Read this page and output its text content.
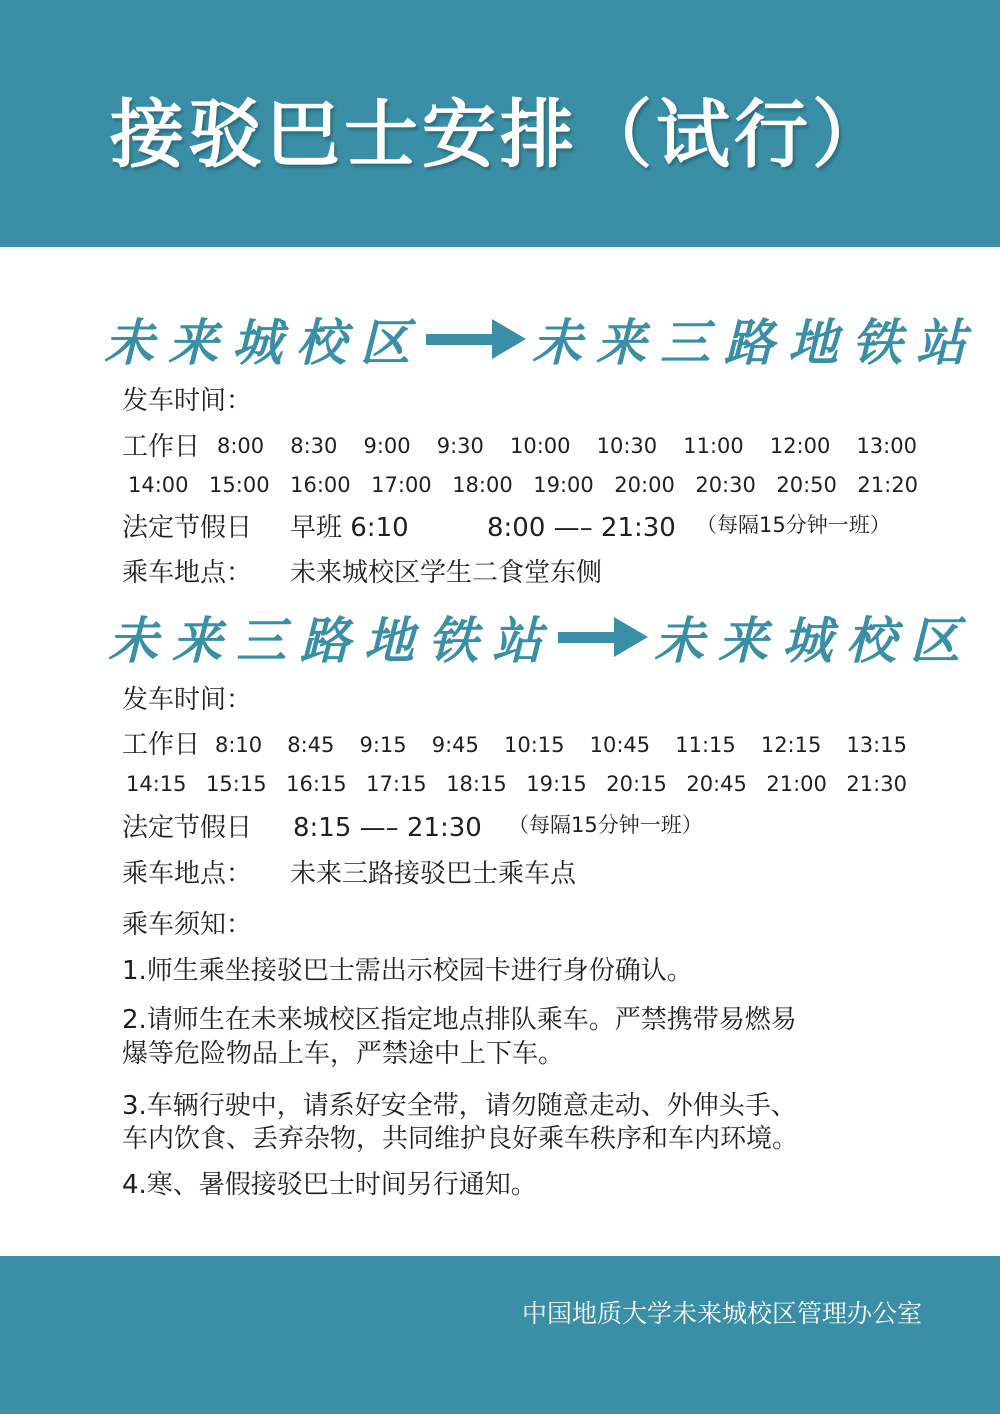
接驳巴士安排（试行）
未来城校区 未来三路地铁站
发车时间：
工作日 8:00 8:30 9:00 9:30 10:00 10:30 11:00 12:00 13:00
14:00 15:00 16:00 17:00 18:00 19:00 20:00 20:30 20:50 21:20
法定节假日 早班 6:10	8:00 —– 21:30 （每隔15分钟一班）
乘车地点： 未来城校区学生二食堂东侧
未来三路地铁站 未来城校区
发车时间：
工作日 8:10 8:45 9:15 9:45 10:15 10:45 11:15 12:15 13:15
14:15 15:15 16:15 17:15 18:15 19:15 20:15 20:45 21:00 21:30
法定节假日 8:15 —– 21:30 （每隔15分钟一班）
乘车地点： 未来三路接驳巴士乘车点
乘车须知：
1.师生乘坐接驳巴士需出示校园卡进行身份确认。
2.请师生在未来城校区指定地点排队乘车。严禁携带易燃易
爆等危险物品上车，严禁途中上下车。
3.车辆行驶中，请系好安全带，请勿随意走动、外伸头手、
车内饮食、丢弃杂物，共同维护良好乘车秩序和车内环境。
4.寒、暑假接驳巴士时间另行通知。
中国地质大学未来城校区管理办公室
